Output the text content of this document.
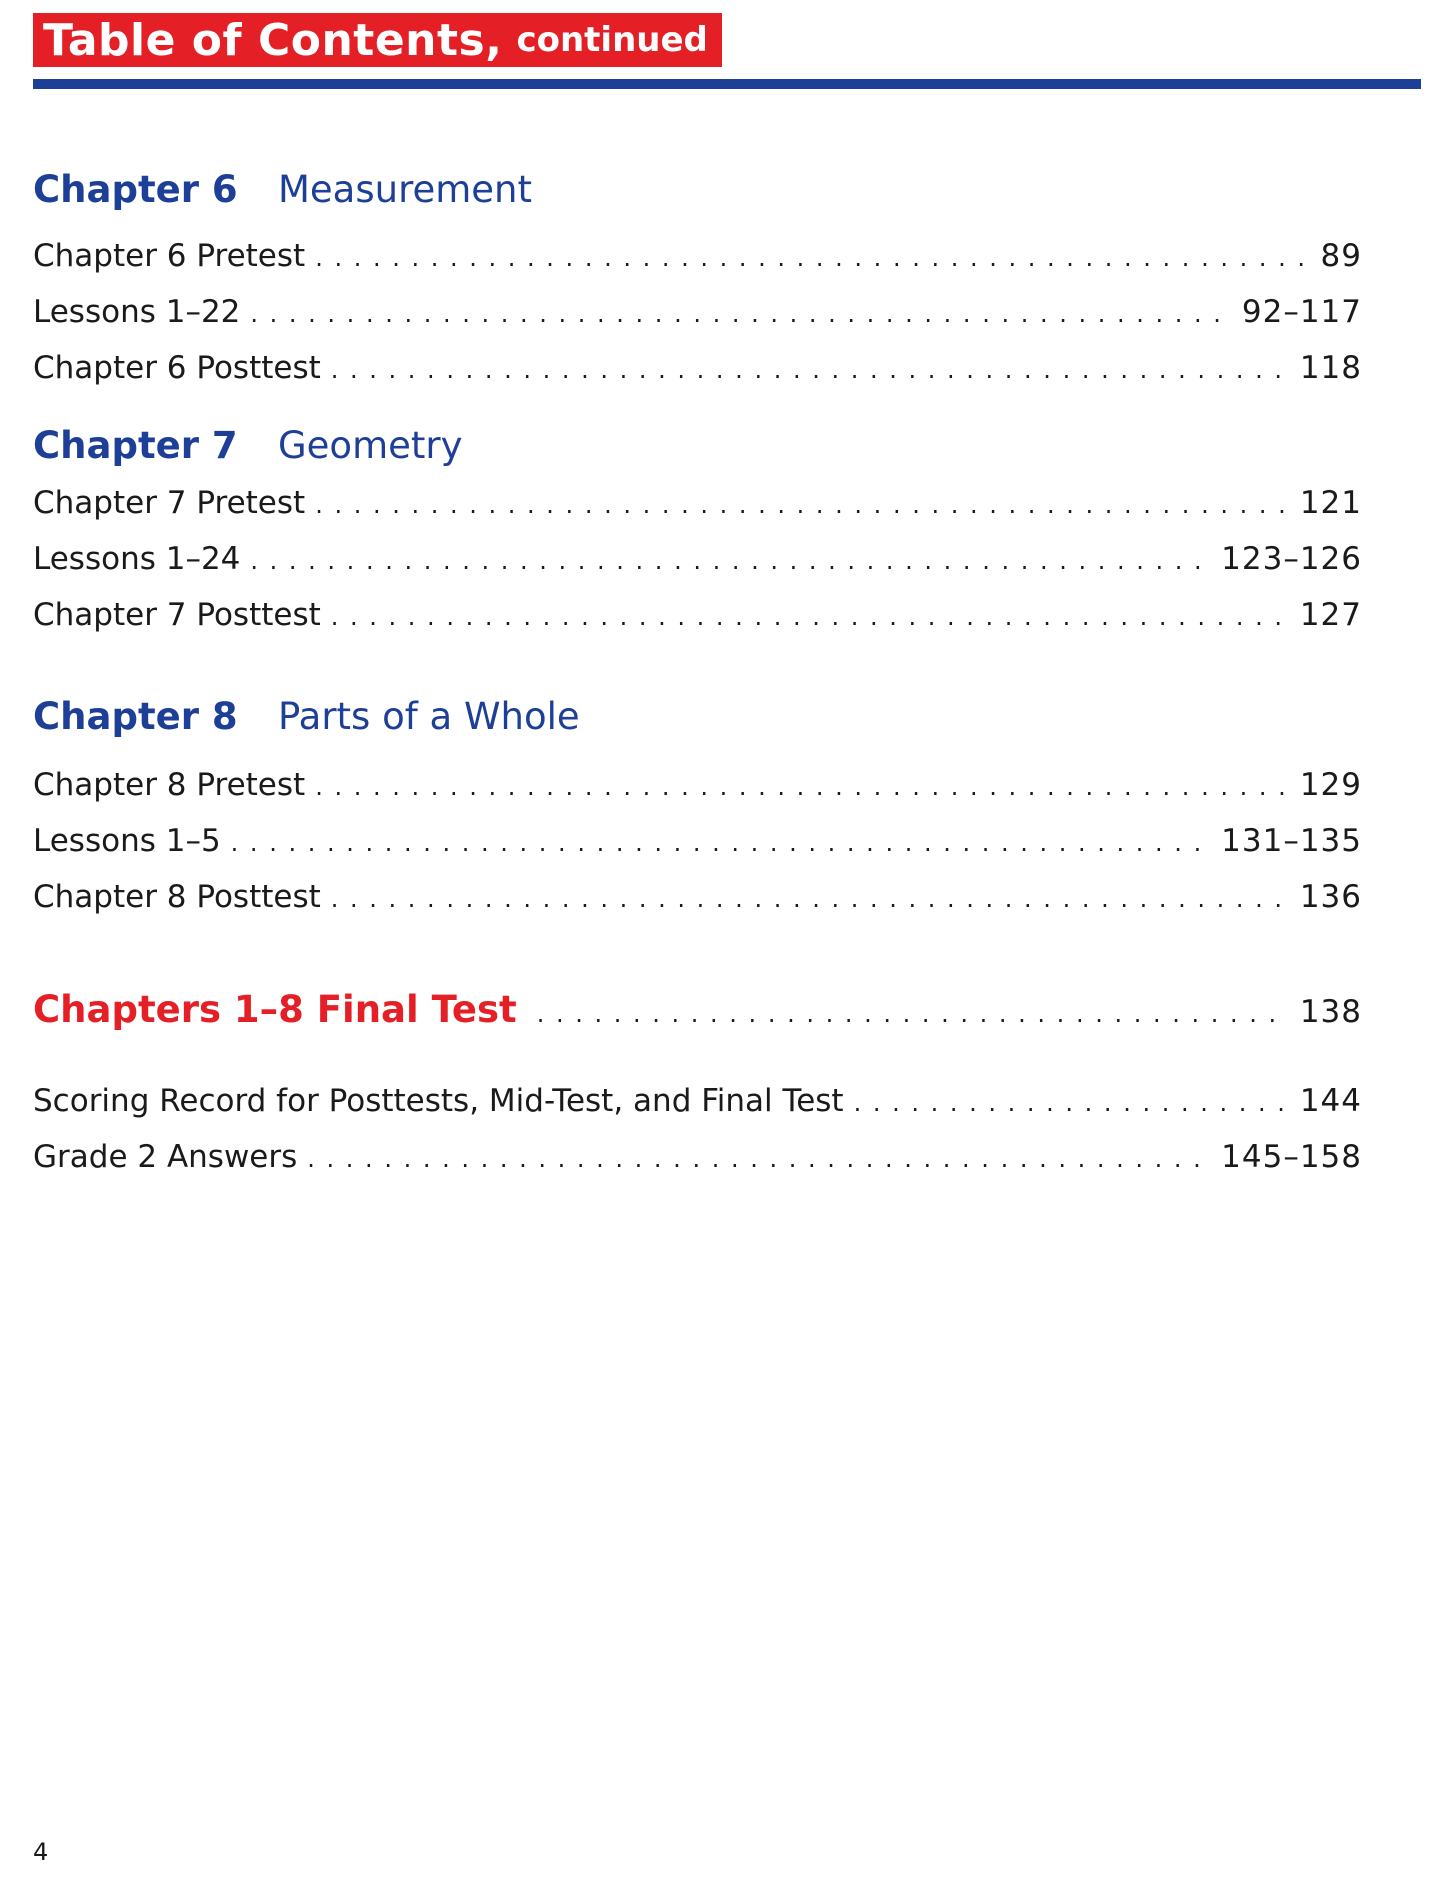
Table of Contents, continued
Chapter 6	Measurement
Chapter 6 Pretest . . .	89
Lessons 1–22 . . .	92–117
Chapter 6 Posttest . . .	118
Chapter 7	Geometry
Chapter 7 Pretest . . .	121
Lessons 1–24 . . .	123–126
Chapter 7 Posttest . . .	127
Chapter 8	Parts of a Whole
Chapter 8 Pretest . . .	129
Lessons 1–5 . . .	131–135
Chapter 8 Posttest . . .	136
Chapters 1–8 Final Test . . .	138
Scoring Record for Posttests, Mid-Test, and Final Test . . .	144
Grade 2 Answers . . .	145–158
4
